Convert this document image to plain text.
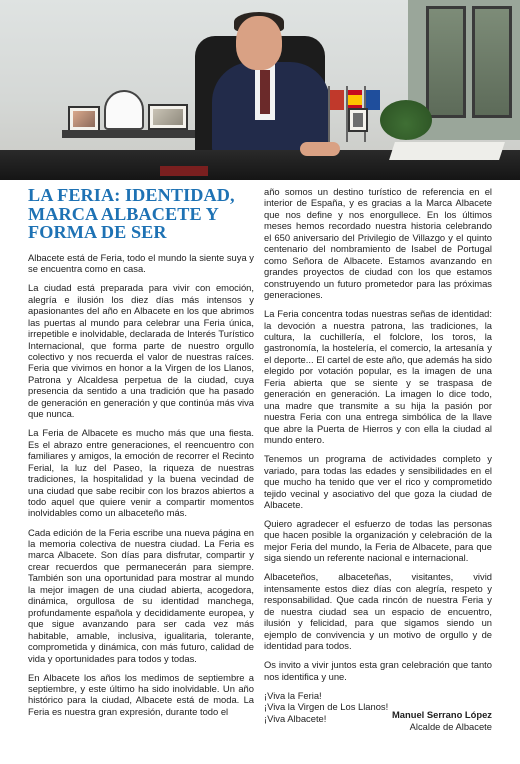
LA FERIA: IDENTIDAD, MARCA ALBACETE Y FORMA DE SER

Albacete está de Feria, todo el mundo la siente suya y se encuentra como en casa.

La ciudad está preparada para vivir con emoción, alegría e ilusión los diez días más intensos y apasionantes del año en Albacete en los que abrimos las puertas al mundo para celebrar una Feria única, irrepetible e inolvidable, declarada de Interés Turístico Internacional, que forma parte de nuestro orgullo colectivo y nos recuerda el valor de nuestras raíces. Feria que vivimos en honor a la Virgen de los Llanos, Patrona y Alcaldesa perpetua de la ciudad, cuya presencia da sentido a una tradición que ha pasado de generación en generación y que continúa más viva que nunca.

La Feria de Albacete es mucho más que una fiesta. Es el abrazo entre generaciones, el reencuentro con familiares y amigos, la emoción de recorrer el Recinto Ferial, la luz del Paseo, la riqueza de nuestras tradiciones, la hospitalidad y la buena vecindad de una ciudad que sabe recibir con los brazos abiertos a todo aquel que quiere venir a compartir momentos inolvidables como un albaceteño más.

Cada edición de la Feria escribe una nueva página en la memoria colectiva de nuestra ciudad. La Feria es marca Albacete. Son días para disfrutar, compartir y crear recuerdos que permanecerán para siempre. También son una oportunidad para mostrar al mundo la mejor imagen de una ciudad abierta, acogedora, dinámica, orgullosa de su identidad manchega, profundamente española y decididamente europea, y que sigue avanzando para ser cada vez más habitable, amable, inclusiva, igualitaria, tolerante, comprometida y dinámica, con más futuro, calidad de vida y oportunidades para todos y todas.

En Albacete los años los medimos de septiembre a septiembre, y este último ha sido inolvidable. Un año histórico para la ciudad, Albacete está de moda. La Feria es nuestra gran expresión, durante todo el

año somos un destino turístico de referencia en el interior de España, y es gracias a la Marca Albacete que nos define y nos enorgullece. En los últimos meses hemos recordado nuestra historia celebrando el 650 aniversario del Privilegio de Villazgo y el quinto centenario del nombramiento de Isabel de Portugal como Señora de Albacete. Estamos avanzando en grandes proyectos de ciudad con los que estamos construyendo un futuro prometedor para las próximas generaciones.

La Feria concentra todas nuestras señas de identidad: la devoción a nuestra patrona, las tradiciones, la cultura, la cuchillería, el folclore, los toros, la gastronomía, la hostelería, el comercio, la artesanía y el deporte... El cartel de este año, que además ha sido elegido por votación popular, es la imagen de una Feria abierta que se siente y se traspasa de generación en generación. La imagen lo dice todo, una madre que transmite a su hija la pasión por nuestra Feria con una entrega simbólica de la llave que abre la Puerta de Hierros y con ella la ciudad al mundo entero.

Tenemos un programa de actividades completo y variado, para todas las edades y sensibilidades en el que mucho ha tenido que ver el rico y comprometido tejido vecinal y asociativo del que goza la ciudad de Albacete.

Quiero agradecer el esfuerzo de todas las personas que hacen posible la organización y celebración de la mejor Feria del mundo, la Feria de Albacete, para que siga siendo un referente nacional e internacional.

Albaceteños, albaceteñas, visitantes, vivid intensamente estos diez días con alegría, respeto y responsabilidad. Que cada rincón de nuestra Feria y de nuestra ciudad sea un espacio de encuentro, ilusión y felicidad, para que sigamos siendo un ejemplo de convivencia y un motivo de orgullo y de identidad para todos.

Os invito a vivir juntos esta gran celebración que tanto nos identifica y une.

¡Viva la Feria!

¡Viva la Virgen de Los Llanos!

¡Viva Albacete!	Manuel Serrano López
Alcalde de Albacete
